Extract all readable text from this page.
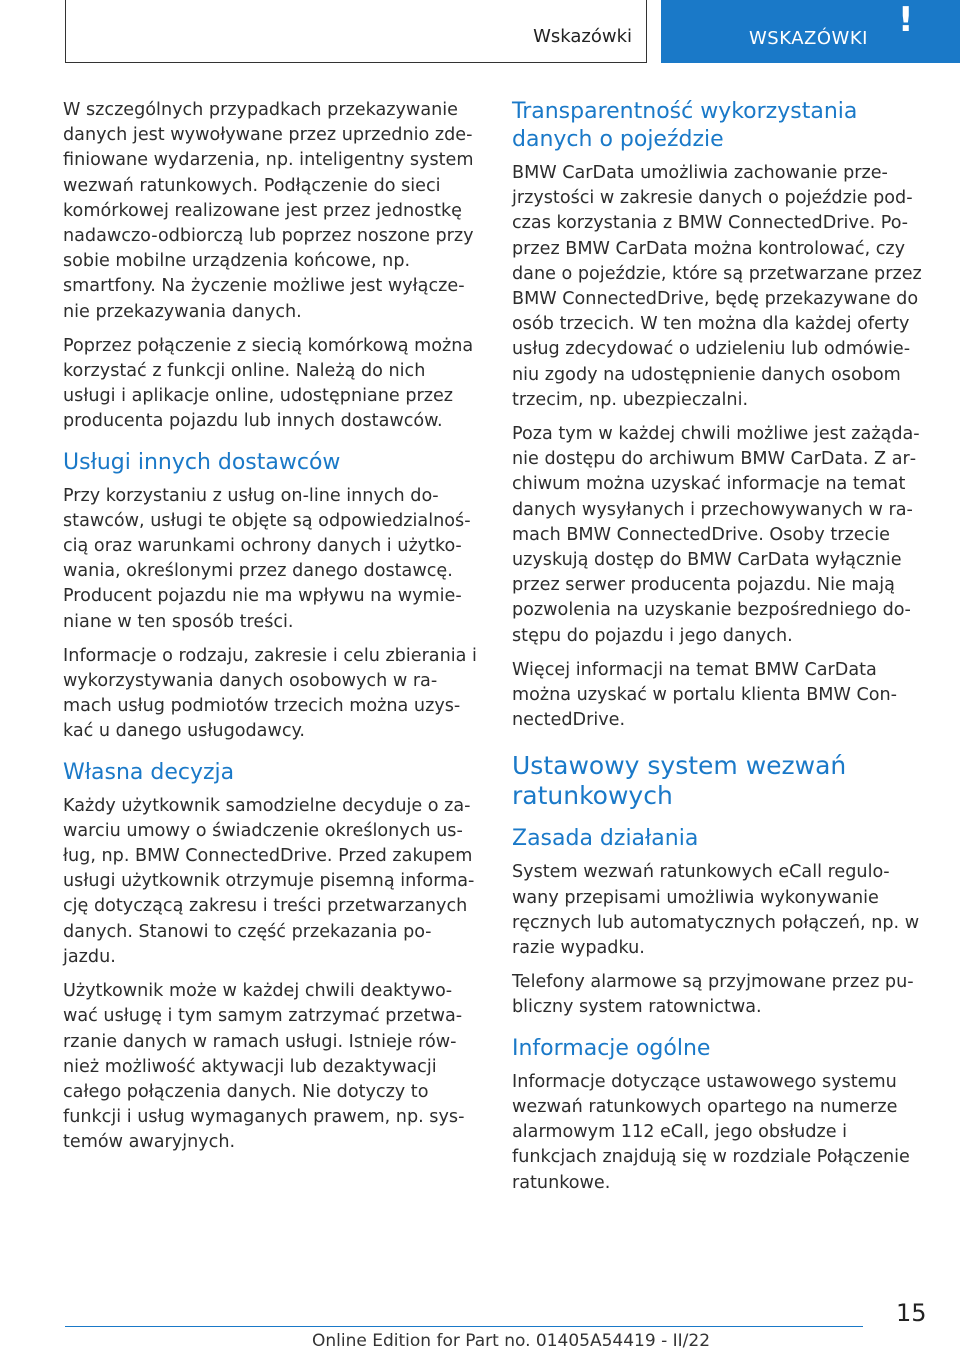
Wskazówki	WSKAZÓWKI !

W szczególnych przypadkach przekazywanie danych jest wywoływane przez uprzednio zdefiniowane wydarzenia, np. inteligentny system wezwań ratunkowych. Podłączenie do sieci komórkowej realizowane jest przez jednostkę nadawczo-odbiorczą lub poprzez noszone przy sobie mobilne urządzenia końcowe, np. smartfony. Na życzenie możliwe jest wyłączenie przekazywania danych.

Poprzez połączenie z siecią komórkową można korzystać z funkcji online. Należą do nich usługi i aplikacje online, udostępniane przez producenta pojazdu lub innych dostawców.

Usługi innych dostawców

Przy korzystaniu z usług on-line innych dostawców, usługi te objęte są odpowiedzialnością oraz warunkami ochrony danych i użytkowania, określonymi przez danego dostawcę. Producent pojazdu nie ma wpływu na wymieniane w ten sposób treści.

Informacje o rodzaju, zakresie i celu zbierania i wykorzystywania danych osobowych w ramach usług podmiotów trzecich można uzyskać u danego usługodawcy.

Własna decyzja

Każdy użytkownik samodzielne decyduje o zawarciu umowy o świadczenie określonych usług, np. BMW ConnectedDrive. Przed zakupem usługi użytkownik otrzymuje pisemną informację dotyczącą zakresu i treści przetwarzanych danych. Stanowi to część przekazania pojazdu.

Użytkownik może w każdej chwili deaktywować usługę i tym samym zatrzymać przetwarzanie danych w ramach usługi. Istnieje również możliwość aktywacji lub dezaktywacji całego połączenia danych. Nie dotyczy to funkcji i usług wymaganych prawem, np. systemów awaryjnych.

Transparentność wykorzystania danych o pojeździe

BMW CarData umożliwia zachowanie przejrzystości w zakresie danych o pojeździe podczas korzystania z BMW ConnectedDrive. Poprzez BMW CarData można kontrolować, czy dane o pojeździe, które są przetwarzane przez BMW ConnectedDrive, będę przekazywane do osób trzecich. W ten można dla każdej oferty usług zdecydować o udzieleniu lub odmówieniu zgody na udostępnienie danych osobom trzecim, np. ubezpieczalni.

Poza tym w każdej chwili możliwe jest zażądanie dostępu do archiwum BMW CarData. Z archiwum można uzyskać informacje na temat danych wysyłanych i przechowywanych w ramach BMW ConnectedDrive. Osoby trzecie uzyskują dostęp do BMW CarData wyłącznie przez serwer producenta pojazdu. Nie mają pozwolenia na uzyskanie bezpośredniego dostępu do pojazdu i jego danych.

Więcej informacji na temat BMW CarData można uzyskać w portalu klienta BMW ConnectedDrive.

Ustawowy system wezwań ratunkowych
Zasada działania

System wezwań ratunkowych eCall regulowany przepisami umożliwia wykonywanie ręcznych lub automatycznych połączeń, np. w razie wypadku.

Telefony alarmowe są przyjmowane przez publiczny system ratownictwa.

Informacje ogólne

Informacje dotyczące ustawowego systemu wezwań ratunkowych opartego na numerze alarmowym 112 eCall, jego obsłudze i funkcjach znajdują się w rozdziale Połączenie ratunkowe.

15
Online Edition for Part no. 01405A54419 - II/22
